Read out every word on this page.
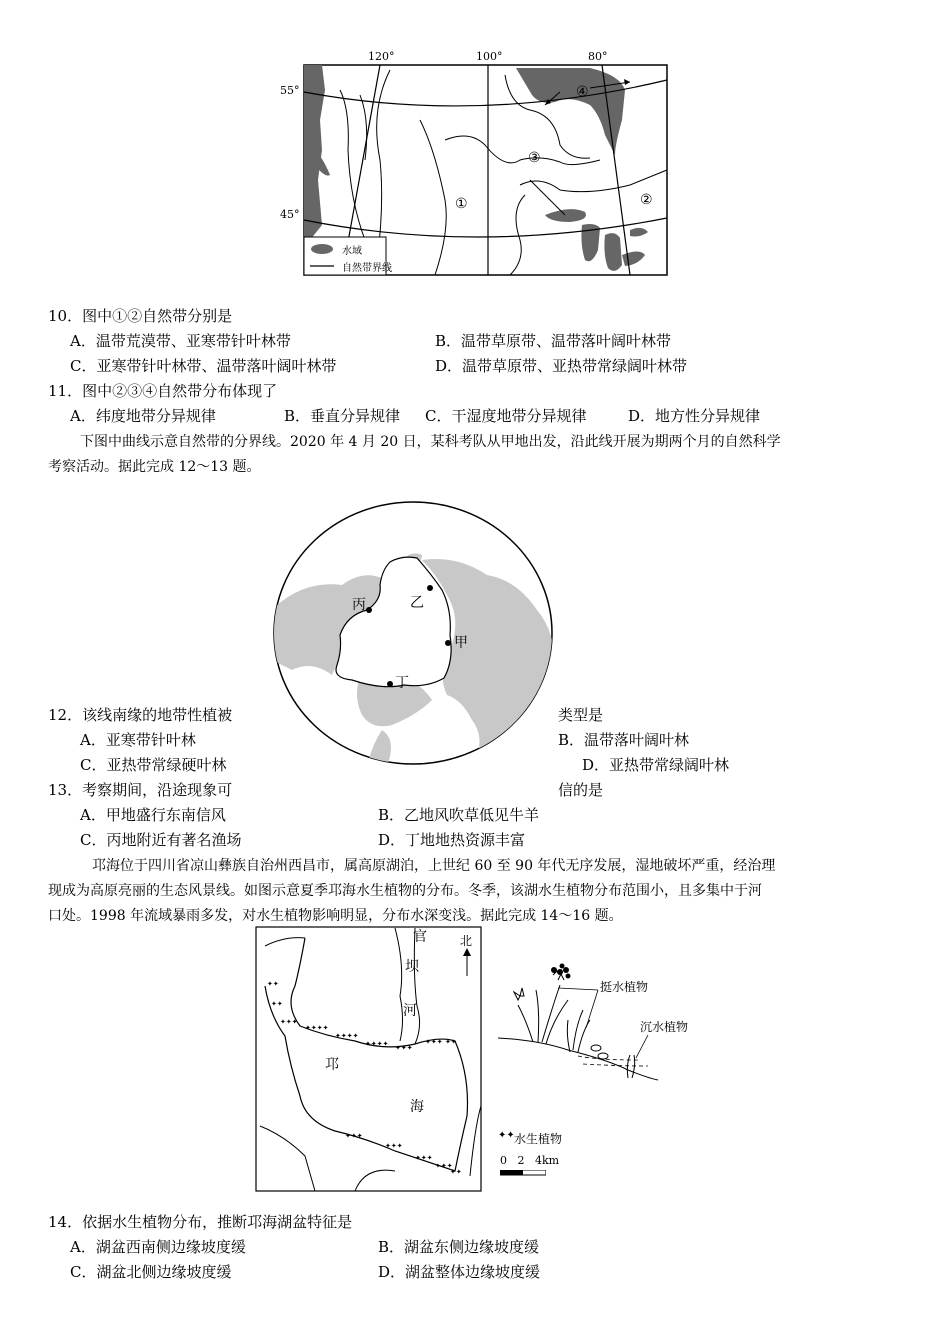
120°	100°	80°
55°
45°
①	②
③
④
水域
自然带界线
10．图中①②自然带分别是
A．温带荒漠带、亚寒带针叶林带	B．温带草原带、温带落叶阔叶林带
C．亚寒带针叶林带、温带落叶阔叶林带	D．温带草原带、亚热带常绿阔叶林带
11．图中②③④自然带分布体现了
A．纬度地带分异规律	B．垂直分异规律 C．干湿度地带分异规律	D．地方性分异规律
下图中曲线示意自然带的分界线。2020 年 4 月 20 日，某科考队从甲地出发，沿此线开展为期两个月的自然科学
考察活动。据此完成 12～13 题。
甲
乙
丙
丁
12．该线南缘的地带性植被	类型是
A．亚寒带针叶林	B．温带落叶阔叶林
C．亚热带常绿硬叶林	D．亚热带常绿阔叶林
13．考察期间，沿途现象可	信的是
A．甲地盛行东南信风	B．乙地风吹草低见牛羊
C．丙地附近有著名渔场	D．丁地地热资源丰富
邛海位于四川省凉山彝族自治州西昌市，属高原湖泊，上世纪 60 至 90 年代无序发展，湿地破坏严重，经治理
现成为高原亮丽的生态风景线。如图示意夏季邛海水生植物的分布。冬季，该湖水生植物分布范围小，且多集中于河
口处。1998 年流域暴雨多发，对水生植物影响明显，分布水深变浅。据此完成 14～16 题。
✦✦
✦✦
✦✦✦
✦✦✦✦
✦✦✦✦
✦✦✦✦ ✦✦✦
✦✦✦ ✦✦
✦✦✦
✦✦✦
✦✦✦
✦✦✦
✦✦
官
坝
河
邛
海
北
✦✦ 水生植物
0   2   4km
挺水植物
沉水植物
14．依据水生植物分布，推断邛海湖盆特征是
A．湖盆西南侧边缘坡度缓	B．湖盆东侧边缘坡度缓
C．湖盆北侧边缘坡度缓	D．湖盆整体边缘坡度缓
